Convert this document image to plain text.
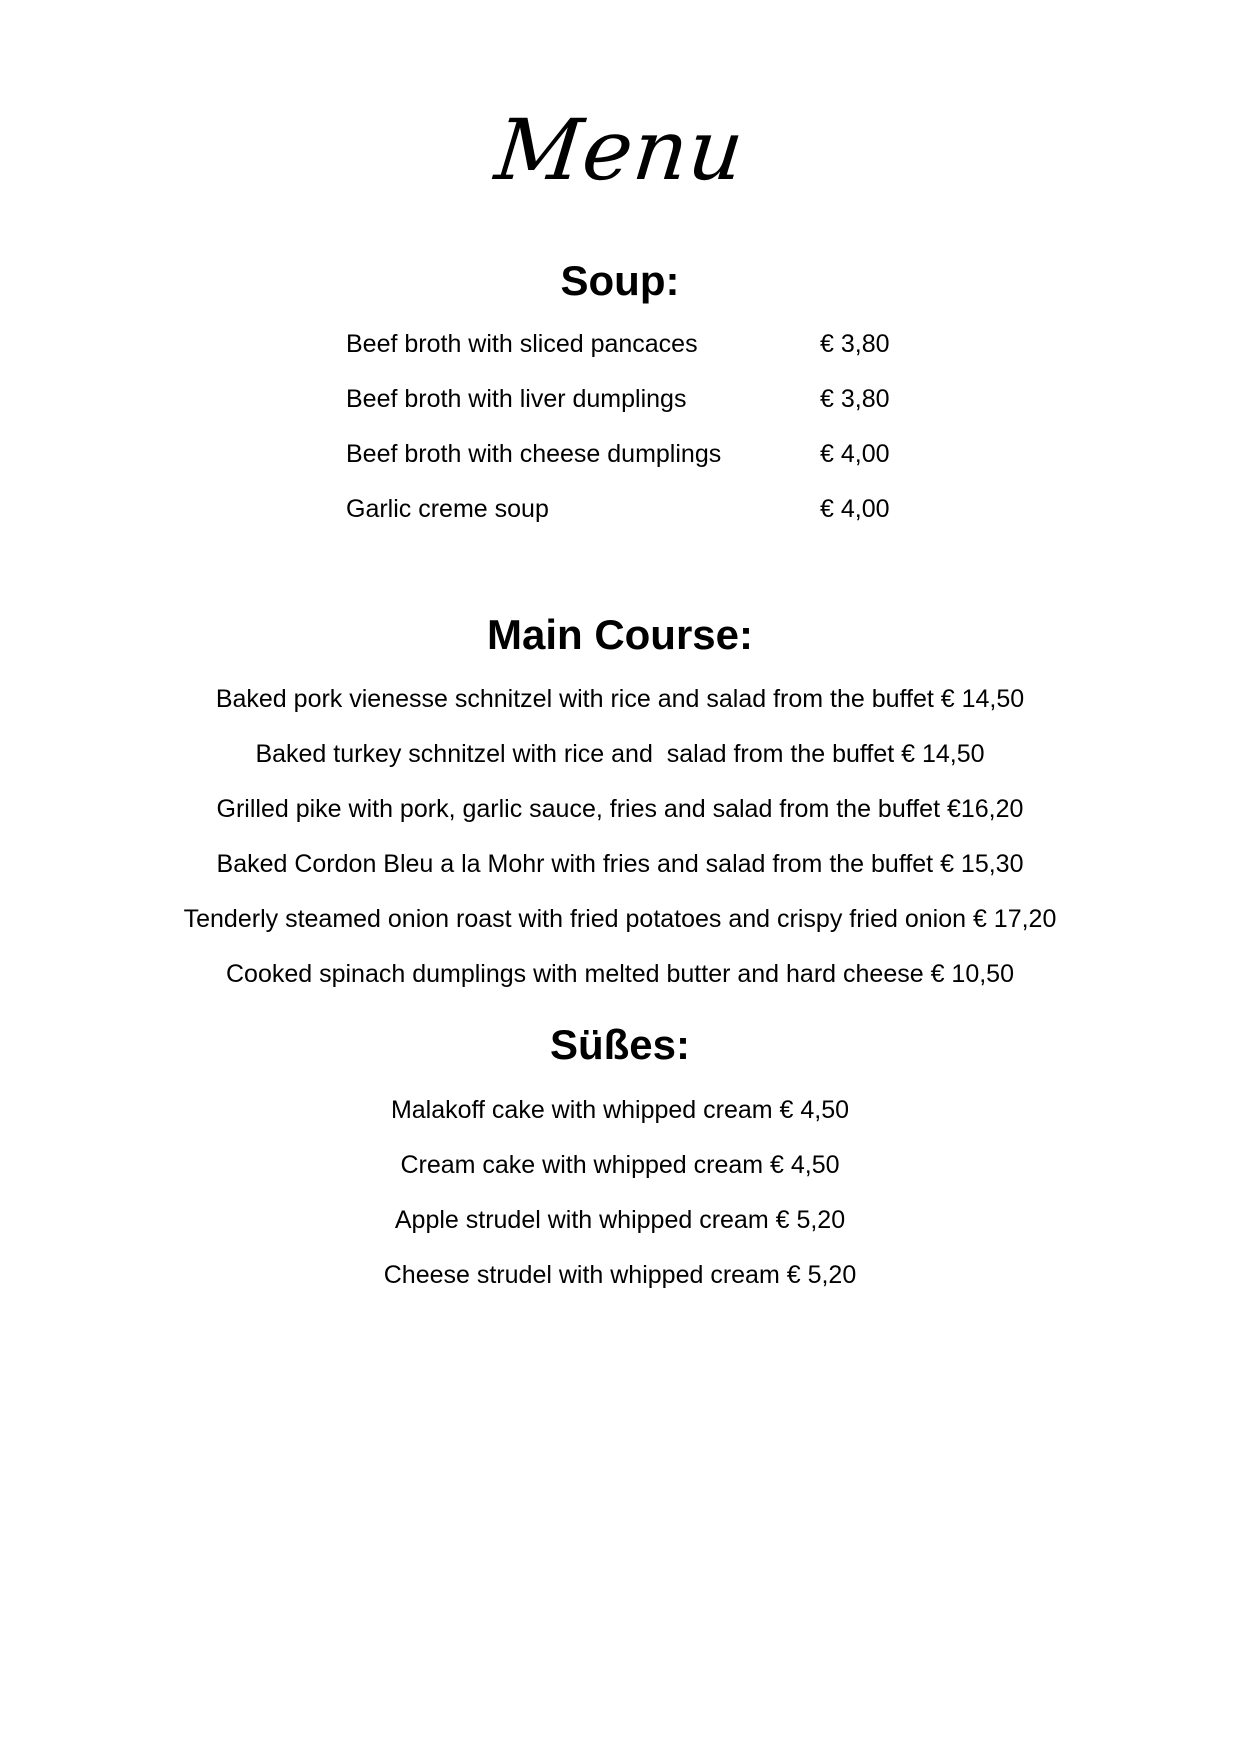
Menu
Soup:
Beef broth with sliced pancaces	€ 3,80
Beef broth with liver dumplings	€ 3,80
Beef broth with cheese dumplings	€ 4,00
Garlic creme soup	€ 4,00
Main Course:
Baked pork vienesse schnitzel with rice and salad from the buffet € 14,50
Baked turkey schnitzel with rice and  salad from the buffet € 14,50
Grilled pike with pork, garlic sauce, fries and salad from the buffet €16,20
Baked Cordon Bleu a la Mohr with fries and salad from the buffet € 15,30
Tenderly steamed onion roast with fried potatoes and crispy fried onion € 17,20
Cooked spinach dumplings with melted butter and hard cheese € 10,50
Süßes:
Malakoff cake with whipped cream € 4,50
Cream cake with whipped cream € 4,50
Apple strudel with whipped cream € 5,20
Cheese strudel with whipped cream € 5,20
